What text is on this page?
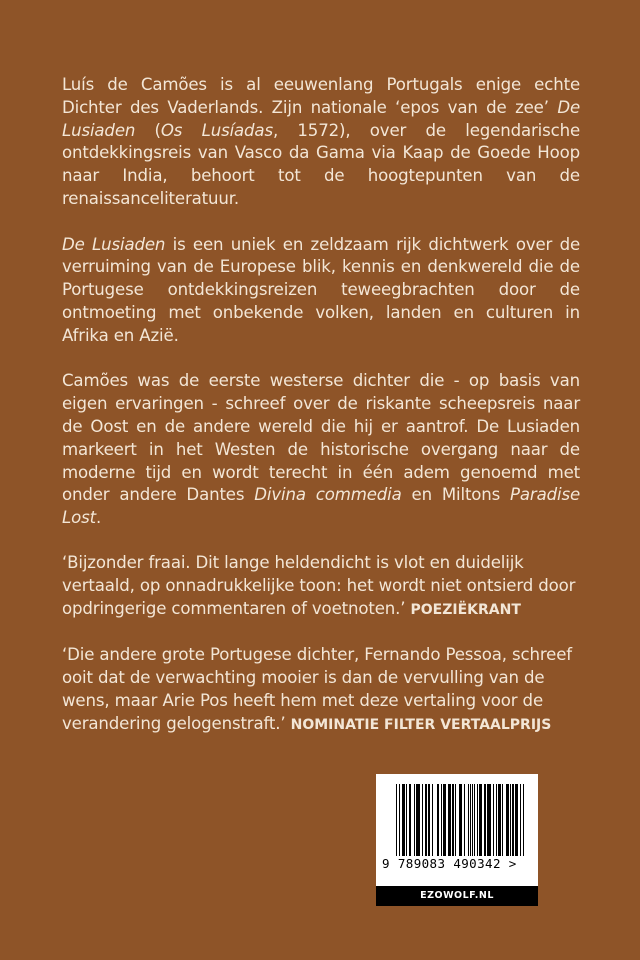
Luís de Camões is al eeuwenlang Portugals enige echte Dichter des Vaderlands. Zijn nationale ‘epos van de zee’ De Lusiaden (Os Lusíadas, 1572), over de legendarische ontdekkingsreis van Vasco da Gama via Kaap de Goede Hoop naar India, behoort tot de hoogtepunten van de renaissanceliteratuur.

De Lusiaden is een uniek en zeldzaam rijk dichtwerk over de verruiming van de Europese blik, kennis en denkwereld die de Portugese ontdekkingsreizen teweegbrachten door de ontmoeting met onbekende volken, landen en culturen in Afrika en Azië.

Camões was de eerste westerse dichter die - op basis van eigen ervaringen - schreef over de riskante scheepsreis naar de Oost en de andere wereld die hij er aantrof. De Lusiaden markeert in het Westen de historische overgang naar de moderne tijd en wordt terecht in één adem genoemd met onder andere Dantes Divina commedia en Miltons Paradise Lost.

‘Bijzonder fraai. Dit lange heldendicht is vlot en duidelijk vertaald, op onnadrukkelijke toon: het wordt niet ontsierd door opdringerige commentaren of voetnoten.’ POEZIËKRANT

‘Die andere grote Portugese dichter, Fernando Pessoa, schreef ooit dat de verwachting mooier is dan de vervulling van de wens, maar Arie Pos heeft hem met deze vertaling voor de verandering gelogenstraft.’ NOMINATIE FILTER VERTAALPRIJS

9 789083 490342 >
EZOWOLF.NL
